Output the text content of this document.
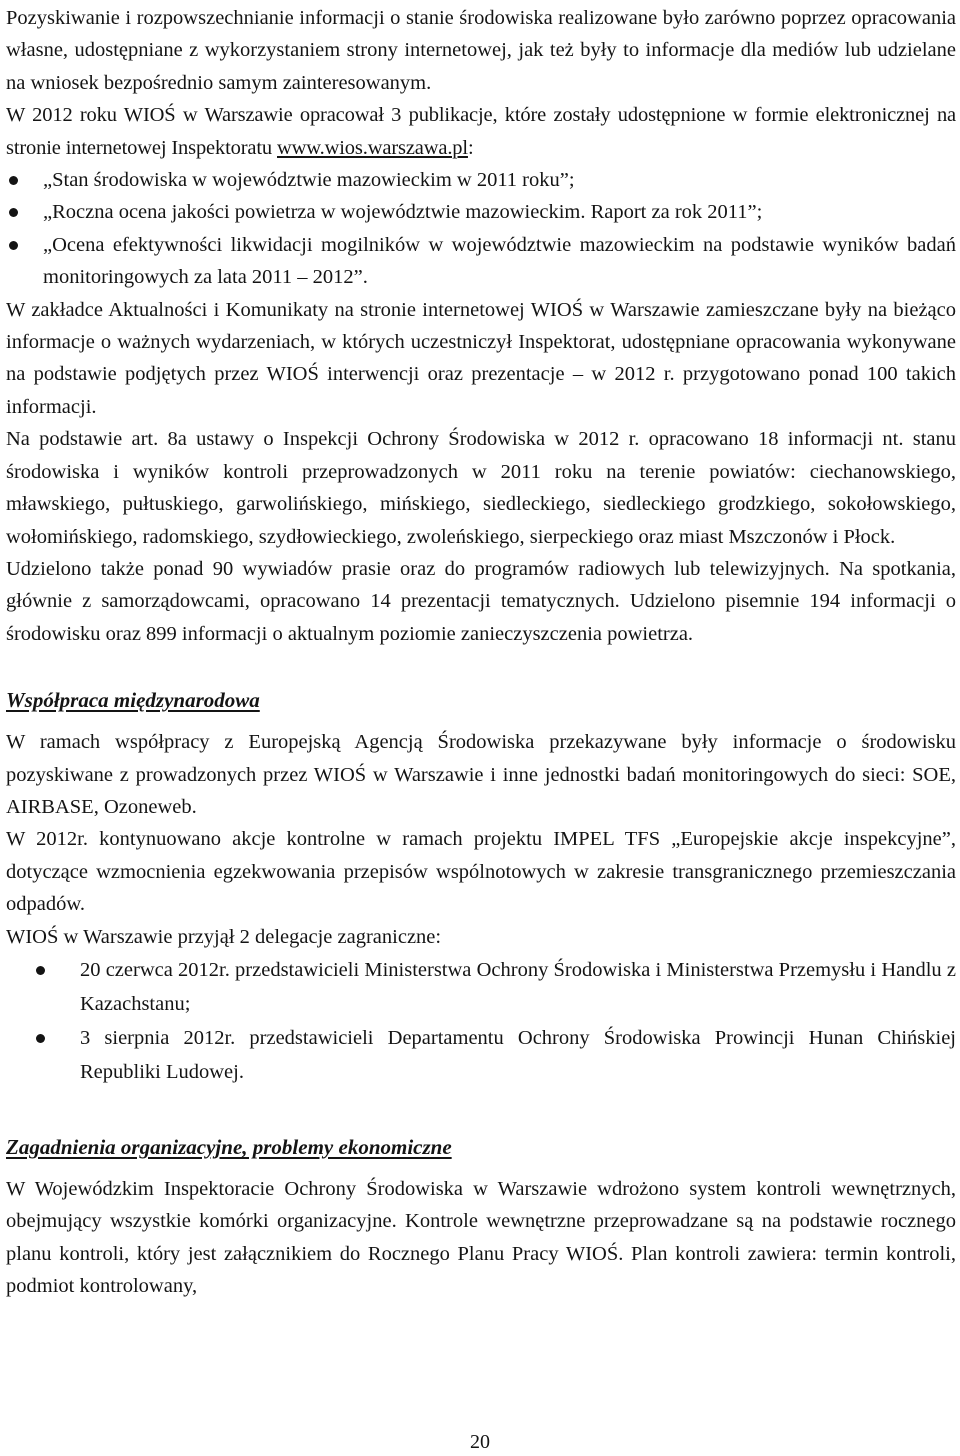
Pozyskiwanie i rozpowszechnianie informacji o stanie środowiska realizowane było zarówno poprzez opracowania własne, udostępniane z wykorzystaniem strony internetowej, jak też były to informacje dla mediów lub udzielane na wniosek bezpośrednio samym zainteresowanym.

W 2012 roku WIOŚ w Warszawie opracował 3 publikacje, które zostały udostępnione w formie elektronicznej na stronie internetowej Inspektoratu www.wios.warszawa.pl:

„Stan środowiska w województwie mazowieckim w 2011 roku”;
„Roczna ocena jakości powietrza w województwie mazowieckim. Raport za rok 2011”;
„Ocena efektywności likwidacji mogilników w województwie mazowieckim na podstawie wyników badań monitoringowych za lata 2011 – 2012”.

W zakładce Aktualności i Komunikaty na stronie internetowej WIOŚ w Warszawie zamieszczane były na bieżąco informacje o ważnych wydarzeniach, w których uczestniczył Inspektorat, udostępniane opracowania wykonywane na podstawie podjętych przez WIOŚ interwencji oraz prezentacje – w 2012 r. przygotowano ponad 100 takich informacji.

Na podstawie art. 8a ustawy o Inspekcji Ochrony Środowiska w 2012 r. opracowano 18 informacji nt. stanu środowiska i wyników kontroli przeprowadzonych w 2011 roku na terenie powiatów: ciechanowskiego, mławskiego, pułtuskiego, garwolińskiego, mińskiego, siedleckiego, siedleckiego grodzkiego, sokołowskiego, wołomińskiego, radomskiego, szydłowieckiego, zwoleńskiego, sierpeckiego oraz miast Mszczonów i Płock.

Udzielono także ponad 90 wywiadów prasie oraz do programów radiowych lub telewizyjnych. Na spotkania, głównie z samorządowcami, opracowano 14 prezentacji tematycznych. Udzielono pisemnie 194 informacji o środowisku oraz 899 informacji o aktualnym poziomie zanieczyszczenia powietrza.

Współpraca międzynarodowa

W ramach współpracy z Europejską Agencją Środowiska przekazywane były informacje o środowisku pozyskiwane z prowadzonych przez WIOŚ w Warszawie i inne jednostki badań monitoringowych do sieci: SOE, AIRBASE, Ozoneweb.

W 2012r. kontynuowano akcje kontrolne w ramach projektu IMPEL TFS „Europejskie akcje inspekcyjne”, dotyczące wzmocnienia egzekwowania przepisów wspólnotowych w zakresie transgranicznego przemieszczania odpadów.

WIOŚ w Warszawie przyjął 2 delegacje zagraniczne:

20 czerwca 2012r. przedstawicieli Ministerstwa Ochrony Środowiska i Ministerstwa Przemysłu i Handlu z Kazachstanu;
3 sierpnia 2012r. przedstawicieli Departamentu Ochrony Środowiska Prowincji Hunan Chińskiej Republiki Ludowej.
Zagadnienia organizacyjne, problemy ekonomiczne

W Wojewódzkim Inspektoracie Ochrony Środowiska w Warszawie wdrożono system kontroli wewnętrznych, obejmujący wszystkie komórki organizacyjne. Kontrole wewnętrzne przeprowadzane są na podstawie rocznego planu kontroli, który jest załącznikiem do Rocznego Planu Pracy WIOŚ. Plan kontroli zawiera: termin kontroli, podmiot kontrolowany,

20
